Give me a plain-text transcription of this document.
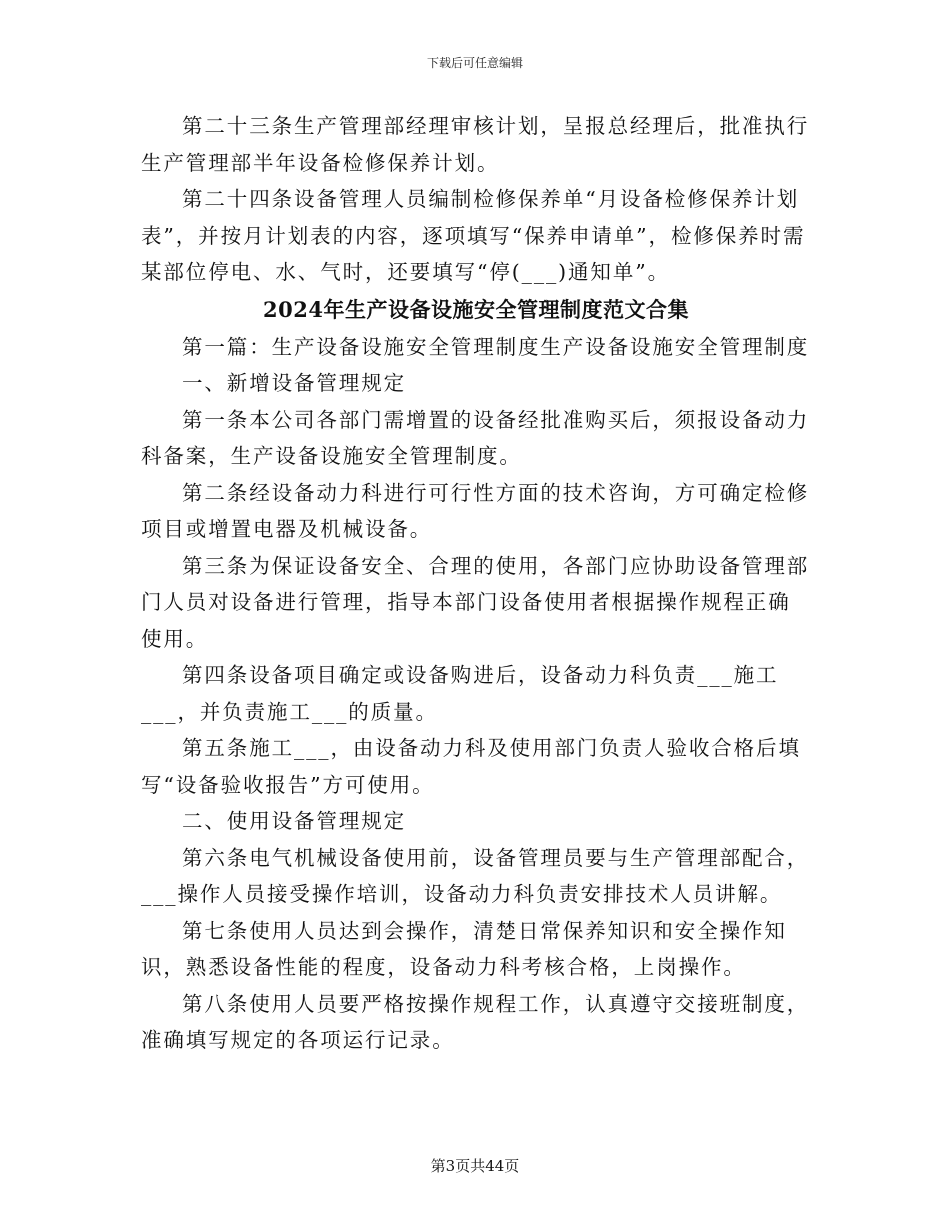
下载后可任意编辑

第二十三条生产管理部经理审核计划，呈报总经理后，批准执行生产管理部半年设备检修保养计划。

第二十四条设备管理人员编制检修保养单“月设备检修保养计划表”，并按月计划表的内容，逐项填写“保养申请单”，检修保养时需某部位停电、水、气时，还要填写“停(___)通知单”。

2024年生产设备设施安全管理制度范文合集

第一篇：生产设备设施安全管理制度生产设备设施安全管理制度

一、新增设备管理规定

第一条本公司各部门需增置的设备经批准购买后，须报设备动力科备案，生产设备设施安全管理制度。

第二条经设备动力科进行可行性方面的技术咨询，方可确定检修项目或增置电器及机械设备。

第三条为保证设备安全、合理的使用，各部门应协助设备管理部门人员对设备进行管理，指导本部门设备使用者根据操作规程正确使用。

第四条设备项目确定或设备购进后，设备动力科负责___施工___，并负责施工___的质量。

第五条施工___，由设备动力科及使用部门负责人验收合格后填写“设备验收报告”方可使用。

二、使用设备管理规定

第六条电气机械设备使用前，设备管理员要与生产管理部配合，___操作人员接受操作培训，设备动力科负责安排技术人员讲解。

第七条使用人员达到会操作，清楚日常保养知识和安全操作知识，熟悉设备性能的程度，设备动力科考核合格，上岗操作。

第八条使用人员要严格按操作规程工作，认真遵守交接班制度，准确填写规定的各项运行记录。

第3页共44页
